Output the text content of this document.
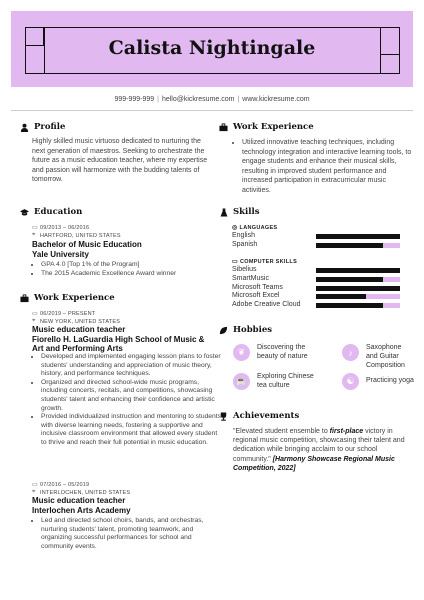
Calista Nightingale
999-999-999 | hello@kickresume.com | www.kickresume.com
Profile
Highly skilled music virtuoso dedicated to nurturing the next generation of maestros. Seeking to orchestrate the future as a music education teacher, where my expertise and passion will harmonize with the budding talents of tomorrow.
Education
▭ 09/2013 – 06/2016
⌖ HARTFORD, UNITED STATES
Bachelor of Music Education
Yale University
• GPA 4.0 [Top 1% of the Program]
• The 2015 Academic Excellence Award winner
Work Experience
▭ 06/2019 – PRESENT
⌖ NEW YORK, UNITED STATES
Music education teacher
Fiorello H. LaGuardia High School of Music &
Art and Performing Arts
• Developed and implemented engaging lesson plans to foster students' understanding and appreciation of music theory, history, and performance techniques.
• Organized and directed school-wide music programs, including concerts, recitals, and competitions, showcasing students' talent and enhancing their confidence and artistic growth.
• Provided individualized instruction and mentoring to students with diverse learning needs, fostering a supportive and inclusive classroom environment that allowed every student to thrive and reach their full potential in music education.
▭ 07/2016 – 05/2019
⌖ INTERLOCHEN, UNITED STATES
Music education teacher
Interlochen Arts Academy
• Led and directed school choirs, bands, and orchestras, nurturing students' talent, promoting teamwork, and organizing successful performances for school and community events.
Work Experience
• Utilized innovative teaching techniques, including technology integration and interactive learning tools, to engage students and enhance their musical skills, resulting in improved student performance and increased participation in extracurricular music activities.
Skills
◎ LANGUAGES
English
Spanish
▭ COMPUTER SKILLS
Sibelius
SmartMusic
Microsoft Teams
Microsoft Excel
Adobe Creative Cloud
Hobbies
❦	Discovering the beauty of nature	♪	Saxophone and Guitar Composition
☕	Exploring Chinese tea culture	☯	Practicing yoga
Achievements
"Elevated student ensemble to first-place victory in regional music competition, showcasing their talent and dedication while bringing acclaim to our school community." [Harmony Showcase Regional Music Competition, 2022]
